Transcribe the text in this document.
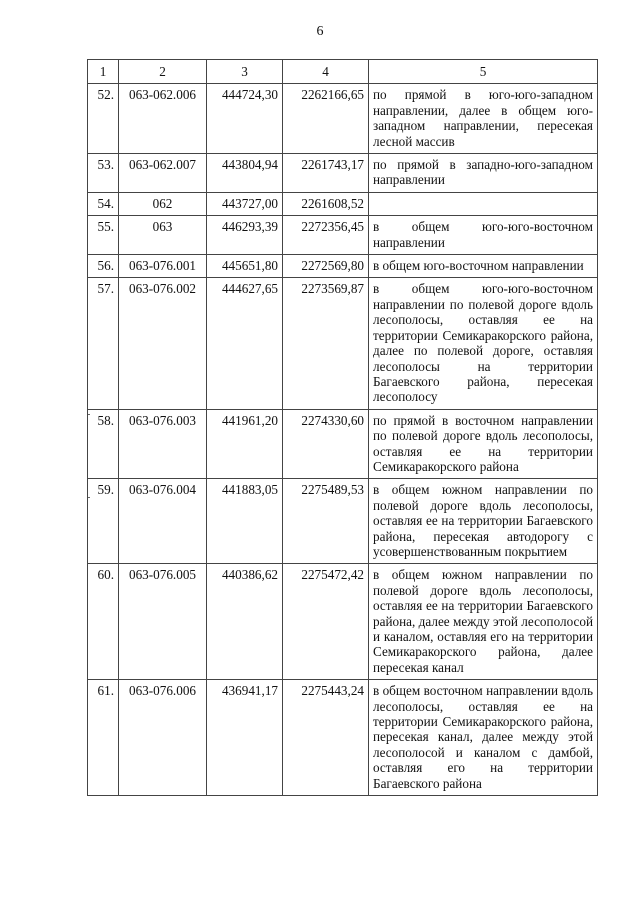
6
1	2	3	4	5
52.	063-062.006	444724,30	2262166,65	по прямой в юго-юго-западном направлении, далее в общем юго-западном направлении, пересекая лесной массив
53.	063-062.007	443804,94	2261743,17	по прямой в западно-юго-западном направлении
54.	062	443727,00	2261608,52	
55.	063	446293,39	2272356,45	в общем юго-юго-восточном направлении
56.	063-076.001	445651,80	2272569,80	в общем юго-восточном направлении
57.	063-076.002	444627,65	2273569,87	в общем юго-юго-восточном направлении по полевой дороге вдоль лесополосы, оставляя ее на территории Семикаракорского района, далее по полевой дороге, оставляя лесополосы на территории Багаевского района, пересекая лесополосу
58.	063-076.003	441961,20	2274330,60	по прямой в восточном направлении по полевой дороге вдоль лесополосы, оставляя ее на территории Семикаракорского района
59.	063-076.004	441883,05	2275489,53	в общем южном направлении по полевой дороге вдоль лесополосы, оставляя ее на территории Багаевского района, пересекая автодорогу с усовершенствованным покрытием
60.	063-076.005	440386,62	2275472,42	в общем южном направлении по полевой дороге вдоль лесополосы, оставляя ее на территории Багаевского района, далее между этой лесополосой и каналом, оставляя его на территории Семикаракорского района, далее пересекая канал
61.	063-076.006	436941,17	2275443,24	в общем восточном направлении вдоль лесополосы, оставляя ее на территории Семикаракорского района, пересекая канал, далее между этой лесополосой и каналом с дамбой, оставляя его на территории Багаевского района
